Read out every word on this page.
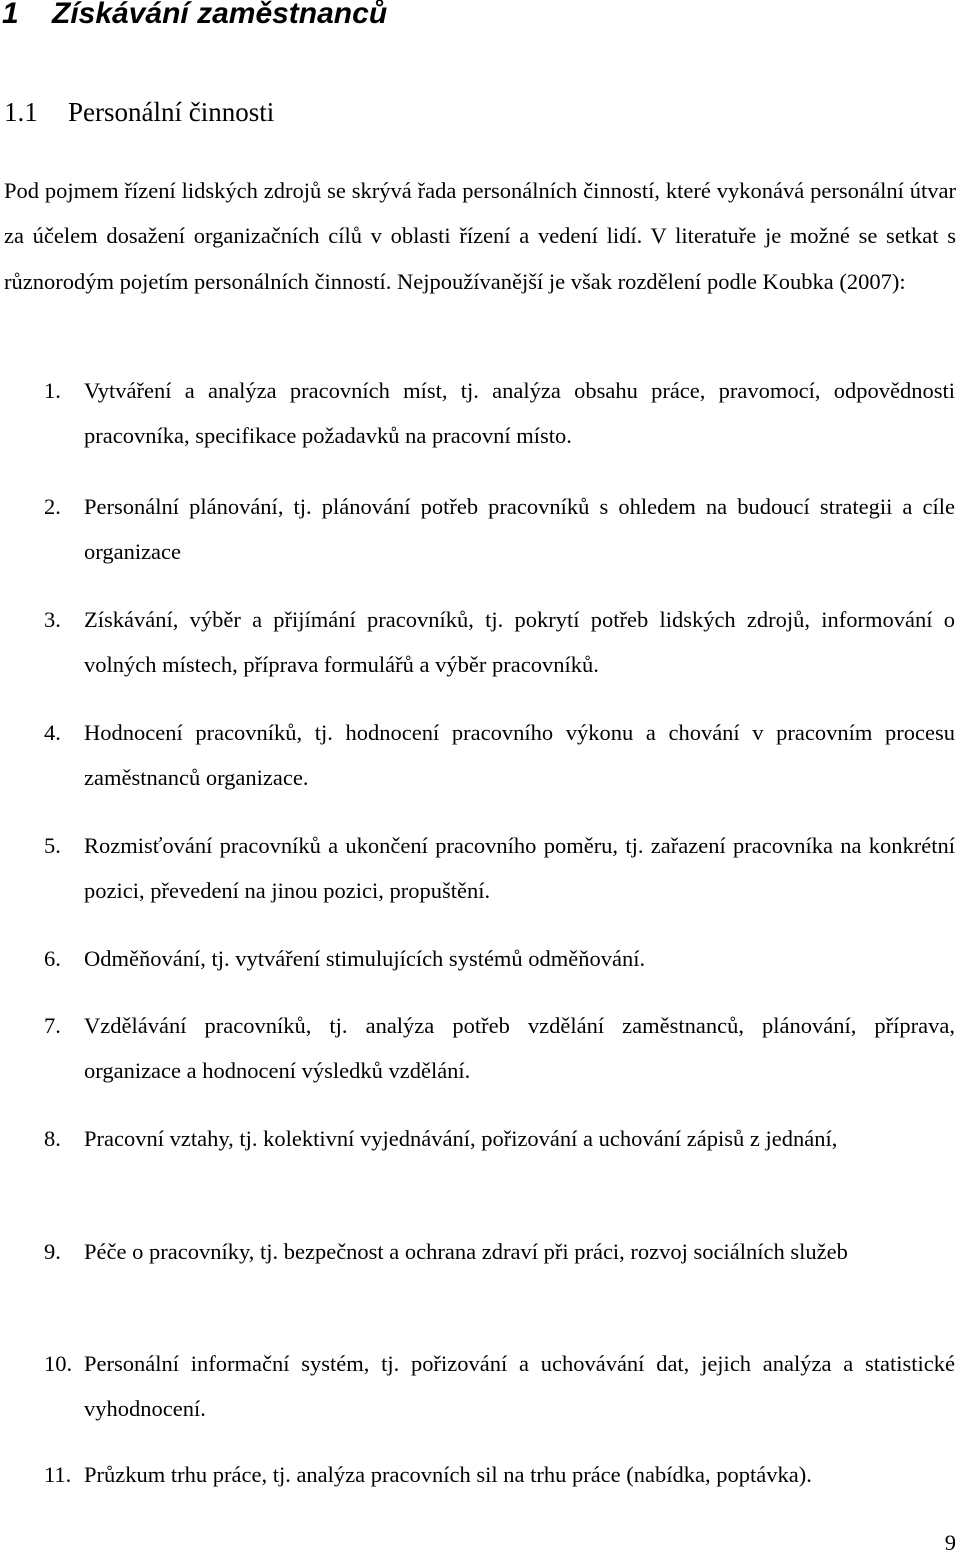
1 Získávání zaměstnanců
1.1 Personální činnosti

Pod pojmem řízení lidských zdrojů se skrývá řada personálních činností, které vykonává personální útvar za účelem dosažení organizačních cílů v oblasti řízení a vedení lidí. V literatuře je možné se setkat s různorodým pojetím personálních činností. Nejpoužívanější je však rozdělení podle Koubka (2007):

1. Vytváření a analýza pracovních míst, tj. analýza obsahu práce, pravomocí, odpovědnosti pracovníka, specifikace požadavků na pracovní místo.
2. Personální plánování, tj. plánování potřeb pracovníků s ohledem na budoucí strategii a cíle organizace
3. Získávání, výběr a přijímání pracovníků, tj. pokrytí potřeb lidských zdrojů, informování o volných místech, příprava formulářů a výběr pracovníků.
4. Hodnocení pracovníků, tj. hodnocení pracovního výkonu a chování v pracovním procesu zaměstnanců organizace.
5. Rozmisťování pracovníků a ukončení pracovního poměru, tj. zařazení pracovníka na konkrétní pozici, převedení na jinou pozici, propuštění.
6. Odměňování, tj. vytváření stimulujících systémů odměňování.
7. Vzdělávání pracovníků, tj. analýza potřeb vzdělání zaměstnanců, plánování, příprava, organizace a hodnocení výsledků vzdělání.
8. Pracovní vztahy, tj. kolektivní vyjednávání, pořizování a uchování zápisů z jednání,
9. Péče o pracovníky, tj. bezpečnost a ochrana zdraví při práci, rozvoj sociálních služeb
10. Personální informační systém, tj. pořizování a uchovávání dat, jejich analýza a statistické vyhodnocení.
11. Průzkum trhu práce, tj. analýza pracovních sil na trhu práce (nabídka, poptávka).
9
